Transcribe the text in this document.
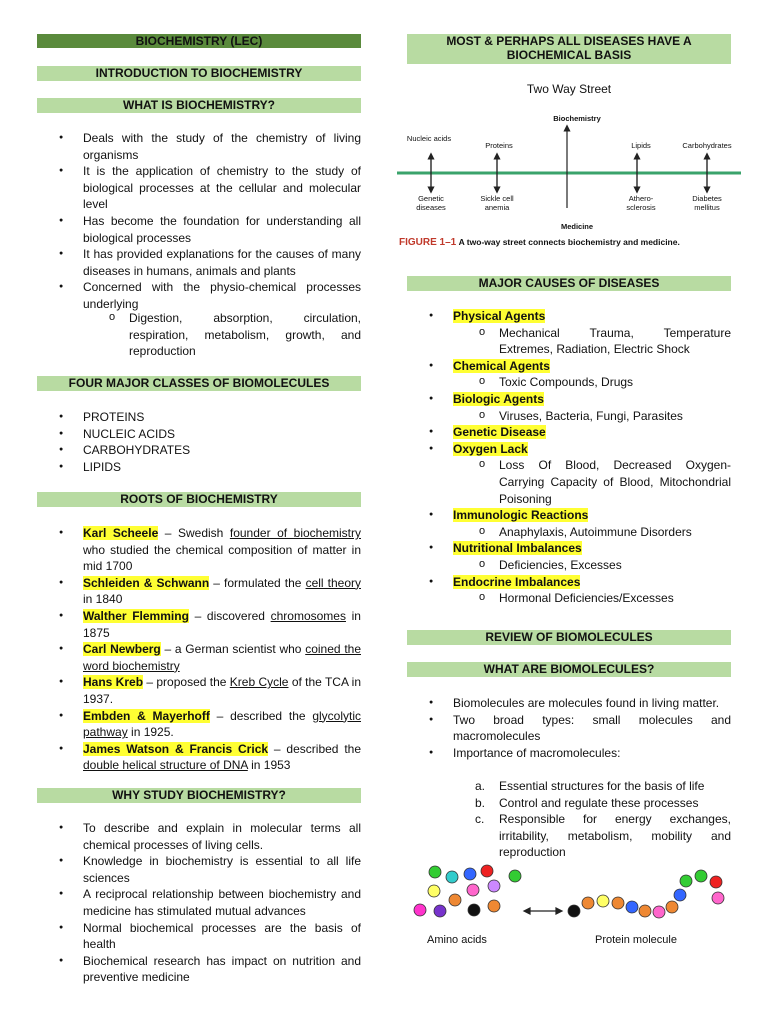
BIOCHEMISTRY (LEC)
INTRODUCTION TO BIOCHEMISTRY
WHAT IS BIOCHEMISTRY?
● Deals with the study of the chemistry of living organisms
● It is the application of chemistry to the study of biological processes at the cellular and molecular level
● Has become the foundation for understanding all biological processes
● It has provided explanations for the causes of many diseases in humans, animals and plants
● Concerned with the physio-chemical processes underlying
o Digestion, absorption, circulation, respiration, metabolism, growth, and reproduction
FOUR MAJOR CLASSES OF BIOMOLECULES
● PROTEINS
● NUCLEIC ACIDS
● CARBOHYDRATES
● LIPIDS
ROOTS OF BIOCHEMISTRY
● Karl Scheele – Swedish founder of biochemistry who studied the chemical composition of matter in mid 1700
● Schleiden & Schwann – formulated the cell theory in 1840
● Walther Flemming – discovered chromosomes in 1875
● Carl Newberg – a German scientist who coined the word biochemistry
● Hans Kreb – proposed the Kreb Cycle of the TCA in 1937.
● Embden & Mayerhoff – described the glycolytic pathway in 1925.
● James Watson & Francis Crick – described the double helical structure of DNA in 1953
WHY STUDY BIOCHEMISTRY?
● To describe and explain in molecular terms all chemical processes of living cells.
● Knowledge in biochemistry is essential to all life sciences
● A reciprocal relationship between biochemistry and medicine has stimulated mutual advances
● Normal biochemical processes are the basis of health
● Biochemical research has impact on nutrition and preventive medicine
MOST & PERHAPS ALL DISEASES HAVE A BIOCHEMICAL BASIS
Two Way Street
Biochemistry
Medicine
Nucleic acids
Proteins	Lipids	Carbohydrates
Genetic diseases
Sickle cell anemia
Athero-sclerosis
Diabetes mellitus
FIGURE 1–1 A two-way street connects biochemistry and medicine.
MAJOR CAUSES OF DISEASES
● Physical Agents
o Mechanical Trauma, Temperature Extremes, Radiation, Electric Shock
● Chemical Agents
o Toxic Compounds, Drugs
● Biologic Agents
o Viruses, Bacteria, Fungi, Parasites
● Genetic Disease
● Oxygen Lack
o Loss Of Blood, Decreased Oxygen-Carrying Capacity of Blood, Mitochondrial Poisoning
● Immunologic Reactions
o Anaphylaxis, Autoimmune Disorders
● Nutritional Imbalances
o Deficiencies, Excesses
● Endocrine Imbalances
o Hormonal Deficiencies/Excesses
REVIEW OF BIOMOLECULES
WHAT ARE BIOMOLECULES?
● Biomolecules are molecules found in living matter.
● Two broad types: small molecules and macromolecules
● Importance of macromolecules:
a. Essential structures for the basis of life
b. Control and regulate these processes
c. Responsible for energy exchanges, irritability, metabolism, mobility and reproduction
Amino acids	Protein molecule
